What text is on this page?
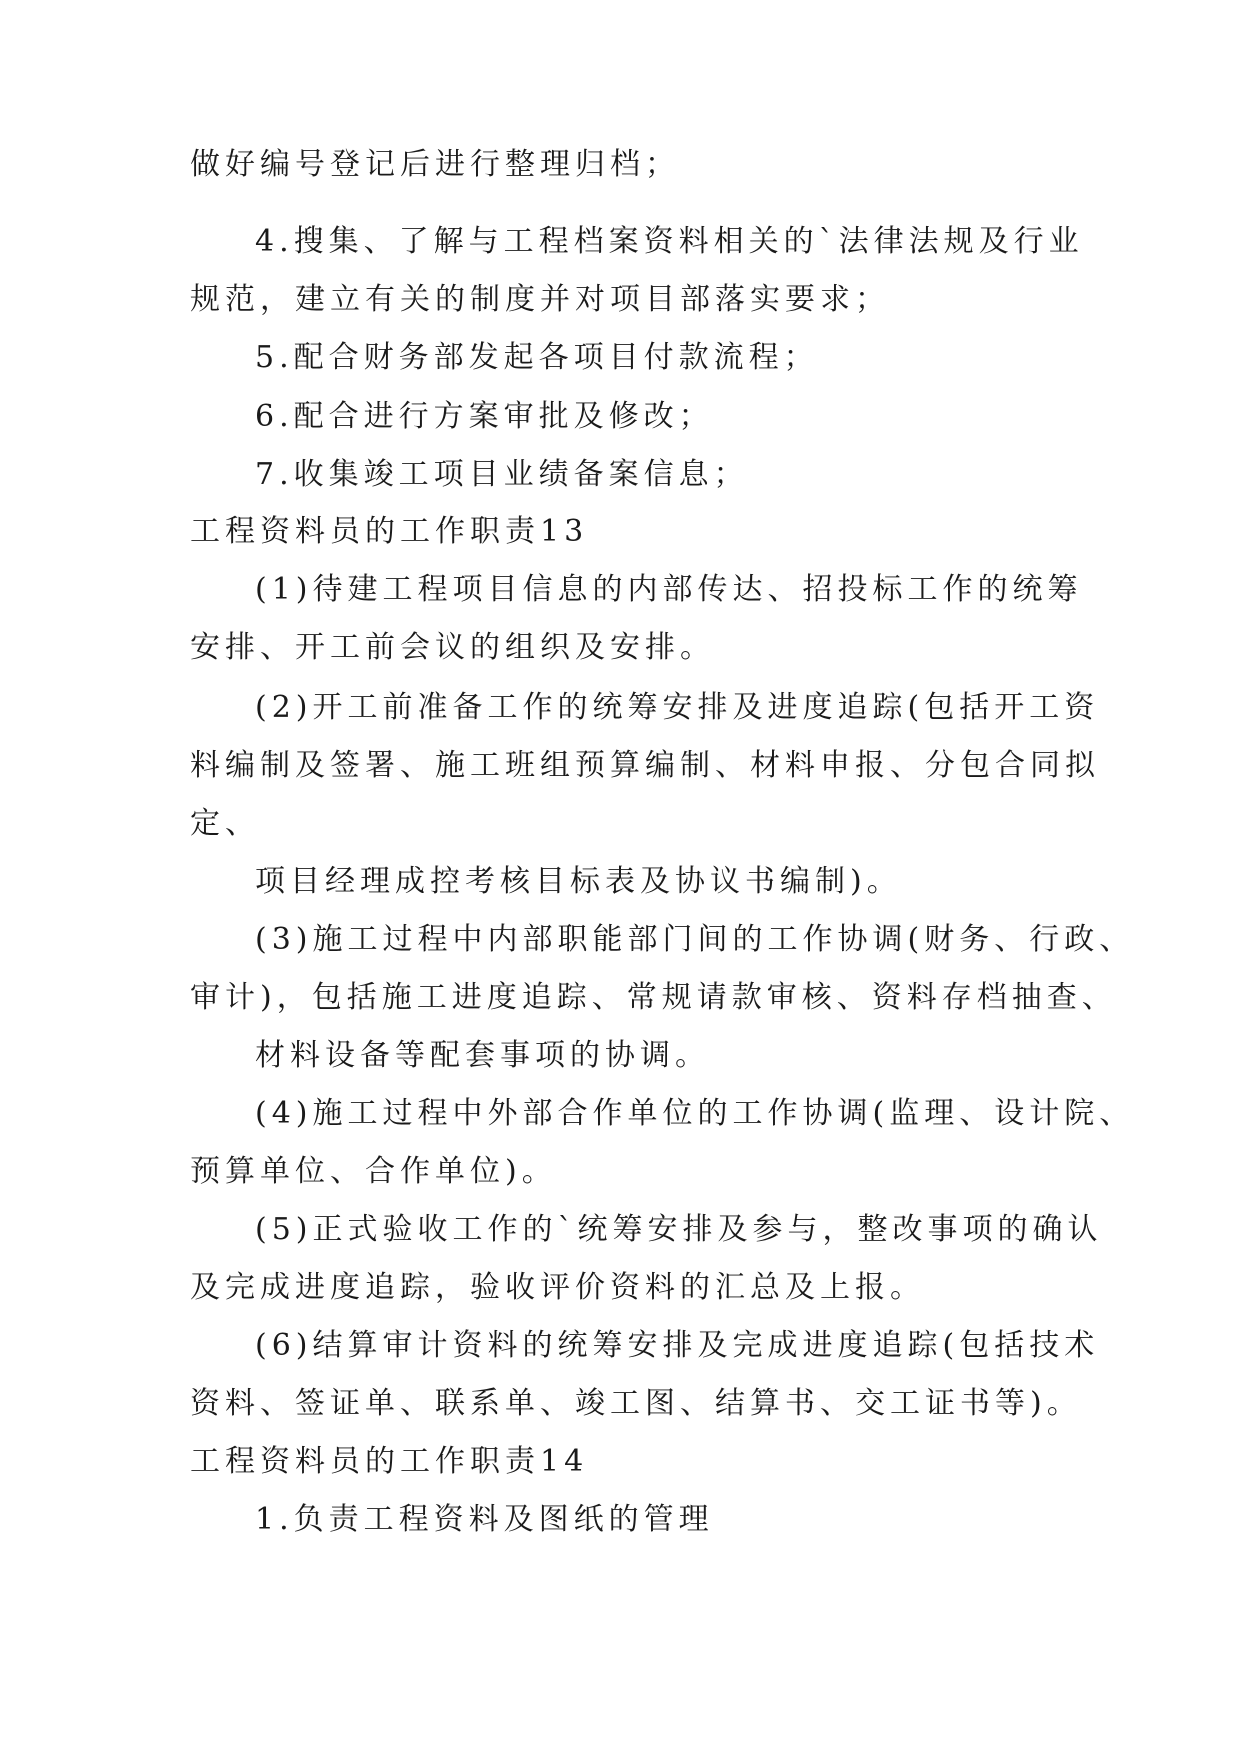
做好编号登记后进行整理归档；
4.搜集、了解与工程档案资料相关的`法律法规及行业
规范，建立有关的制度并对项目部落实要求；
5.配合财务部发起各项目付款流程；
6.配合进行方案审批及修改；
7.收集竣工项目业绩备案信息；
工程资料员的工作职责13
(1)待建工程项目信息的内部传达、招投标工作的统筹
安排、开工前会议的组织及安排。
(2)开工前准备工作的统筹安排及进度追踪(包括开工资
料编制及签署、施工班组预算编制、材料申报、分包合同拟
定、
项目经理成控考核目标表及协议书编制)。
(3)施工过程中内部职能部门间的工作协调(财务、行政、
审计)，包括施工进度追踪、常规请款审核、资料存档抽查、
材料设备等配套事项的协调。
(4)施工过程中外部合作单位的工作协调(监理、设计院、
预算单位、合作单位)。
(5)正式验收工作的`统筹安排及参与，整改事项的确认
及完成进度追踪，验收评价资料的汇总及上报。
(6)结算审计资料的统筹安排及完成进度追踪(包括技术
资料、签证单、联系单、竣工图、结算书、交工证书等)。
工程资料员的工作职责14
1.负责工程资料及图纸的管理
